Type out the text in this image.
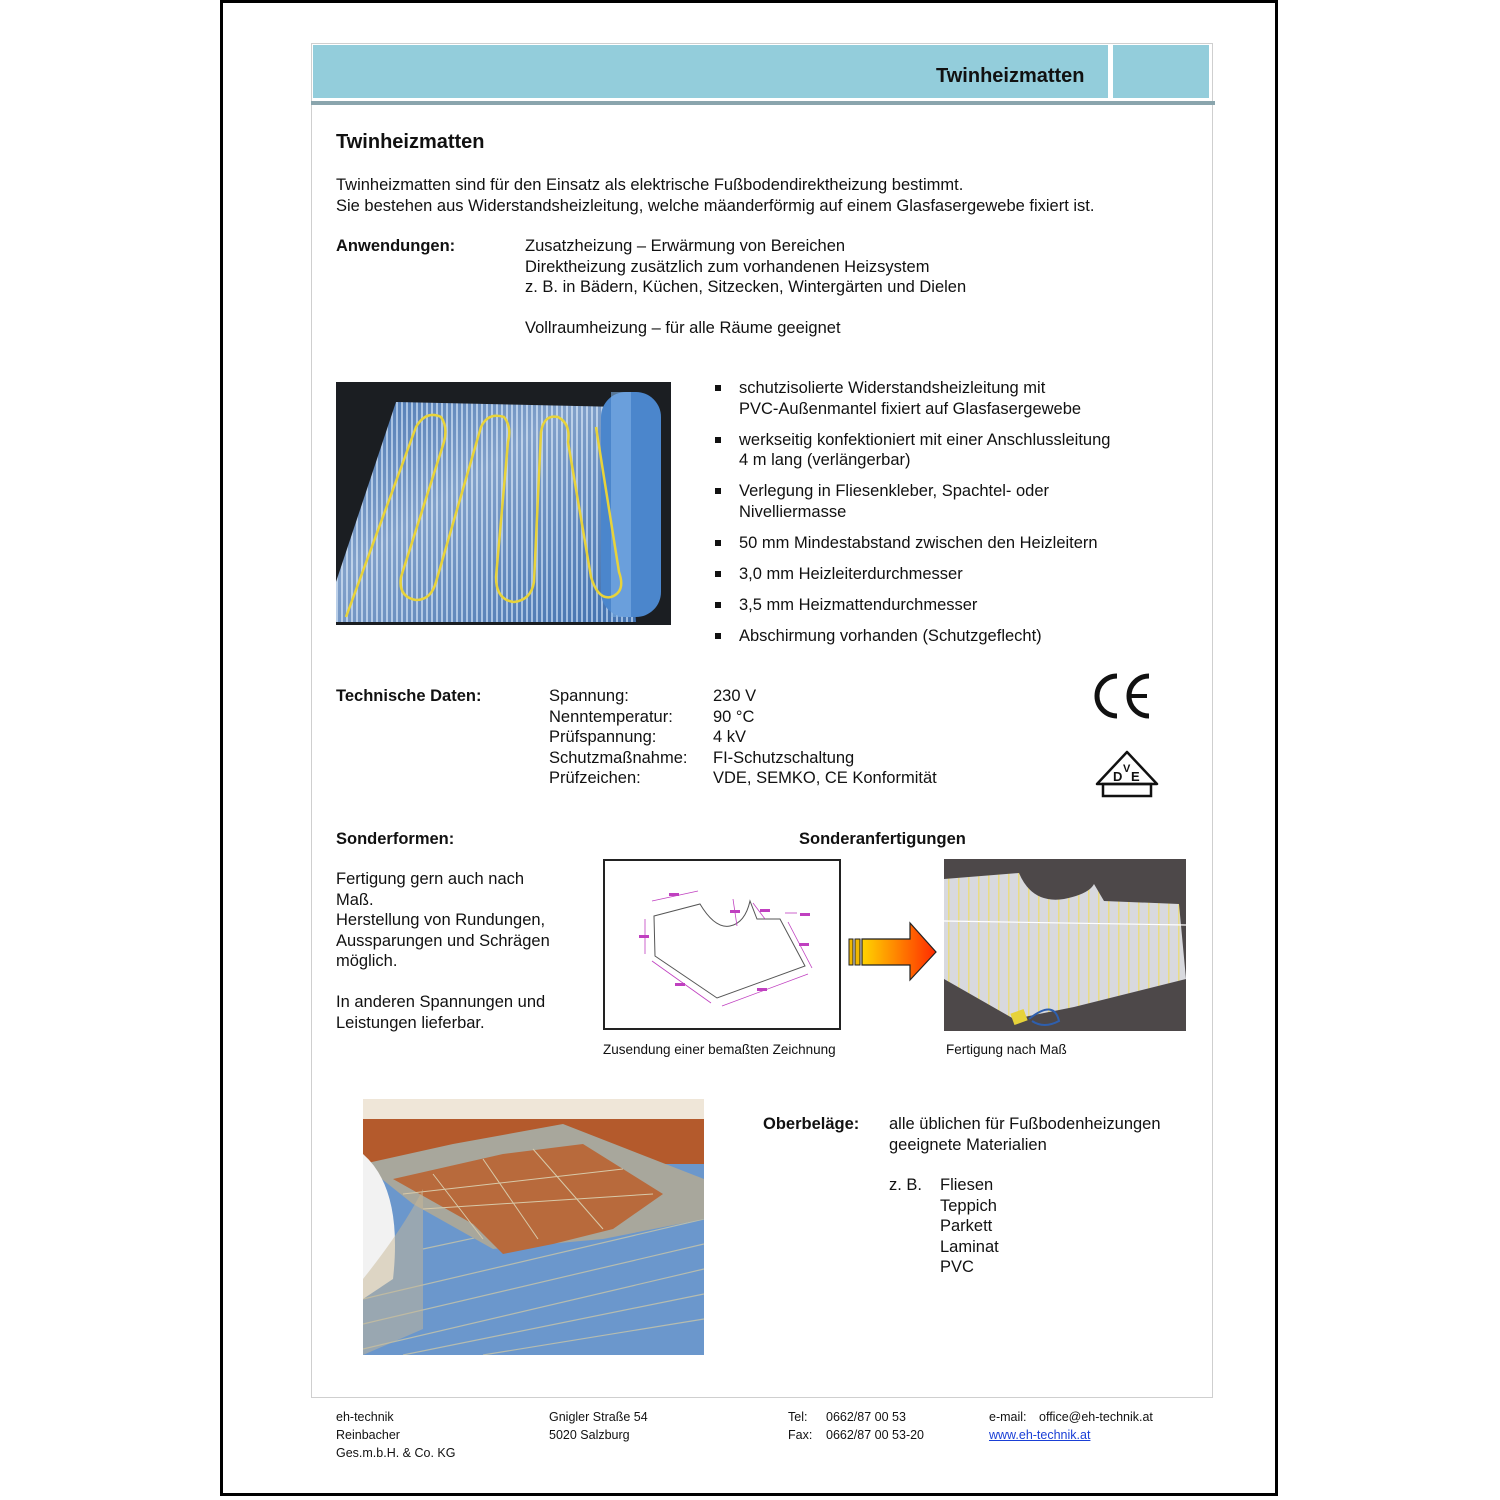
Twinheizmatten
Twinheizmatten
Twinheizmatten sind für den Einsatz als elektrische Fußbodendirektheizung bestimmt.
Sie bestehen aus Widerstandsheizleitung, welche mäanderförmig auf einem Glasfasergewebe fixiert ist.
Anwendungen:	Zusatzheizung – Erwärmung von Bereichen
Direktheizung zusätzlich zum vorhandenen Heizsystem
z. B. in Bädern, Küchen, Sitzecken, Wintergärten und Dielen
Vollraumheizung – für alle Räume geeignet
schutzisolierte Widerstandsheizleitung mit
PVC-Außenmantel fixiert auf Glasfasergewebe
werkseitig konfektioniert mit einer Anschlussleitung
4 m lang (verlängerbar)
Verlegung in Fliesenkleber, Spachtel- oder
Nivelliermasse
50 mm Mindestabstand zwischen den Heizleitern
3,0 mm Heizleiterdurchmesser
3,5 mm Heizmattendurchmesser
Abschirmung vorhanden (Schutzgeflecht)
Technische Daten:	Spannung:	230 V
Nenntemperatur:	90 °C
Prüfspannung:	4 kV
Schutzmaßnahme:	FI-Schutzschaltung
Prüfzeichen:	VDE, SEMKO, CE Konformität	D V E
Sonderformen:	Sonderanfertigungen
Fertigung gern auch nach
Maß.
Herstellung von Rundungen,
Aussparungen und Schrägen
möglich.
In anderen Spannungen und
Leistungen lieferbar.
Zusendung einer bemaßten Zeichnung	Fertigung nach Maß
Oberbeläge: alle üblichen für Fußbodenheizungen
geeignete Materialien
z. B. Fliesen
Teppich
Parkett
Laminat
PVC
eh-technik
Reinbacher
Ges.m.b.H. & Co. KG
Gnigler Straße 54
5020 Salzburg
Tel: 0662/87 00 53
Fax: 0662/87 00 53-20
e-mail: office@eh-technik.at
www.eh-technik.at
